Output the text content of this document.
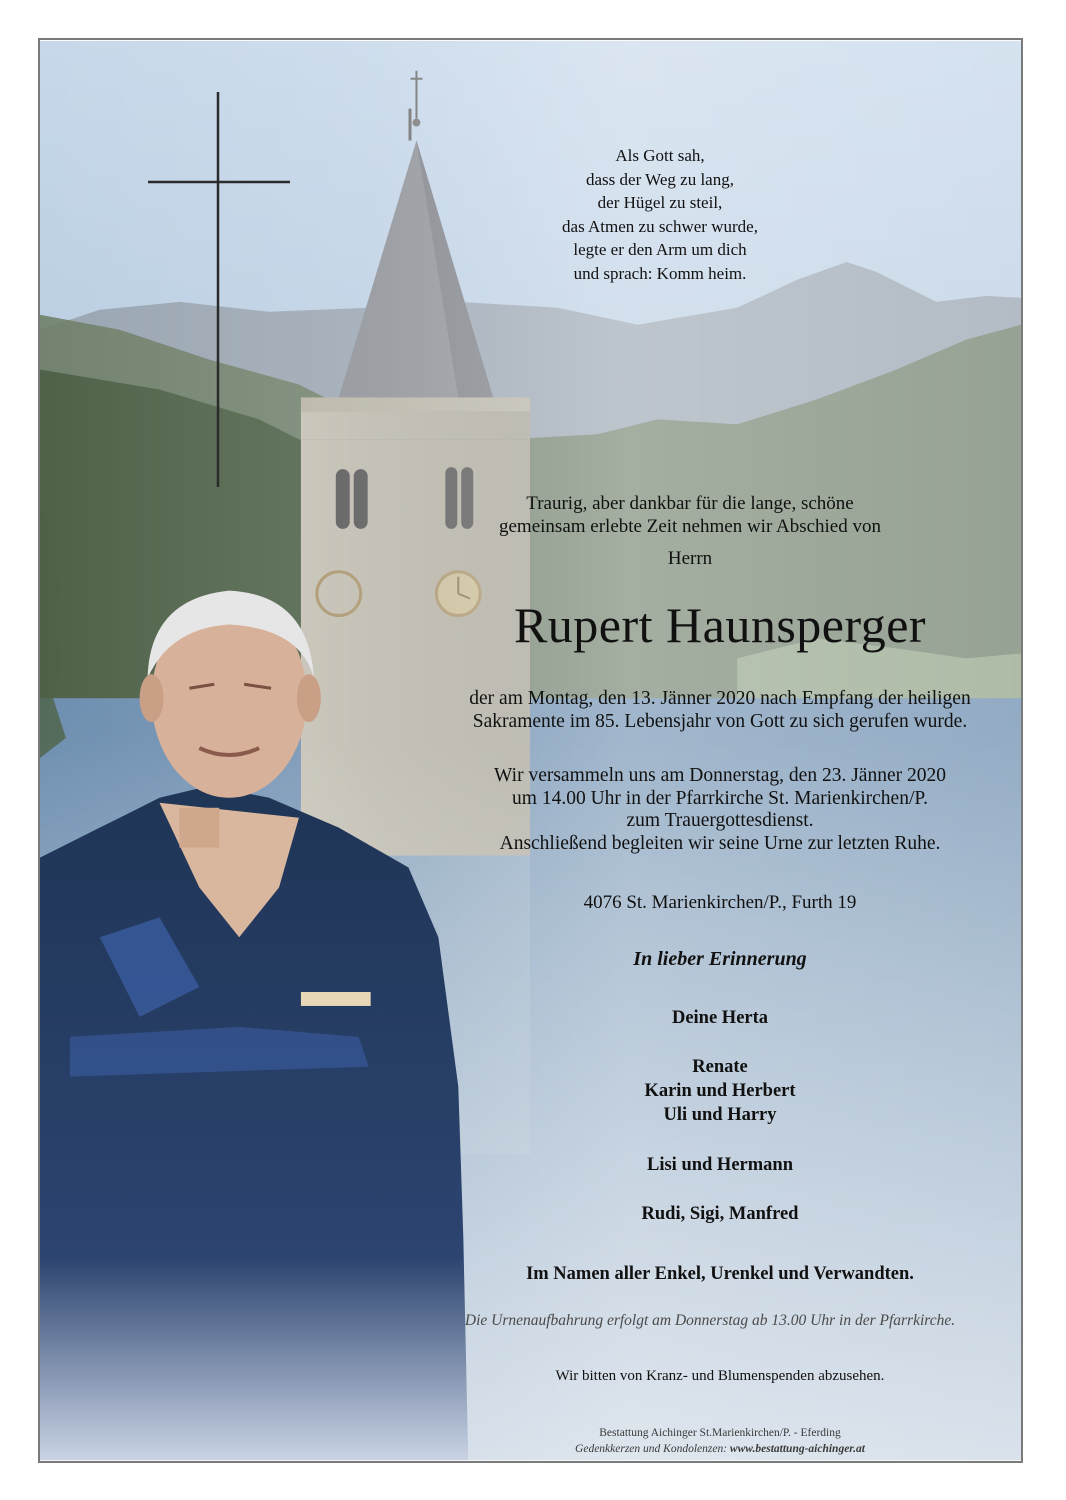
Als Gott sah,
dass der Weg zu lang,
der Hügel zu steil,
das Atmen zu schwer wurde,
legte er den Arm um dich
und sprach: Komm heim.
Traurig, aber dankbar für die lange, schöne
gemeinsam erlebte Zeit nehmen wir Abschied von
Herrn
Rupert Haunsperger
der am Montag, den 13. Jänner 2020 nach Empfang der heiligen
Sakramente im 85. Lebensjahr von Gott zu sich gerufen wurde.
Wir versammeln uns am Donnerstag, den 23. Jänner 2020
um 14.00 Uhr in der Pfarrkirche St. Marienkirchen/P.
zum Trauergottesdienst.
Anschließend begleiten wir seine Urne zur letzten Ruhe.
4076 St. Marienkirchen/P., Furth 19
In lieber Erinnerung
Deine Herta
Renate
Karin und Herbert
Uli und Harry
Lisi und Hermann
Rudi, Sigi, Manfred
Im Namen aller Enkel, Urenkel und Verwandten.
Die Urnenaufbahrung erfolgt am Donnerstag ab 13.00 Uhr in der Pfarrkirche.
Wir bitten von Kranz- und Blumenspenden abzusehen.
Bestattung Aichinger St.Marienkirchen/P. - Eferding
Gedenkkerzen und Kondolenzen: www.bestattung-aichinger.at
